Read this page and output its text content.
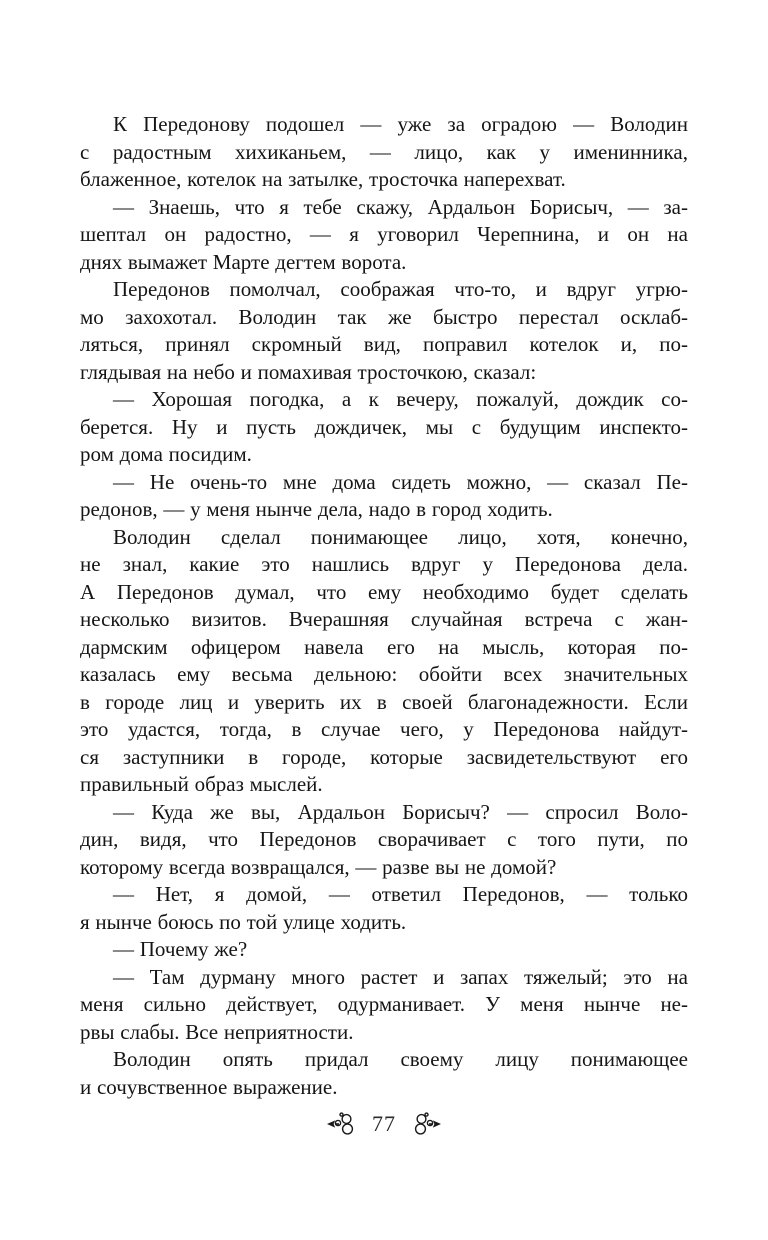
К Передонову подошел — уже за оградою — Володин
с радостным хихиканьем, — лицо, как у именинника,
блаженное, котелок на затылке, тросточка наперехват.
— Знаешь, что я тебе скажу, Ардальон Борисыч, — за-
шептал он радостно, — я уговорил Черепнина, и он на
днях вымажет Марте дегтем ворота.
Передонов помолчал, соображая что-то, и вдруг угрю-
мо захохотал. Володин так же быстро перестал осклаб-
ляться, принял скромный вид, поправил котелок и, по-
глядывая на небо и помахивая тросточкою, сказал:
— Хорошая погодка, а к вечеру, пожалуй, дождик со-
берется. Ну и пусть дождичек, мы с будущим инспекто-
ром дома посидим.
— Не очень-то мне дома сидеть можно, — сказал Пе-
редонов, — у меня нынче дела, надо в город ходить.
Володин сделал понимающее лицо, хотя, конечно,
не знал, какие это нашлись вдруг у Передонова дела.
А Передонов думал, что ему необходимо будет сделать
несколько визитов. Вчерашняя случайная встреча с жан-
дармским офицером навела его на мысль, которая по-
казалась ему весьма дельною: обойти всех значительных
в городе лиц и уверить их в своей благонадежности. Если
это удастся, тогда, в случае чего, у Передонова найдут-
ся заступники в городе, которые засвидетельствуют его
правильный образ мыслей.
— Куда же вы, Ардальон Борисыч? — спросил Воло-
дин, видя, что Передонов сворачивает с того пути, по
которому всегда возвращался, — разве вы не домой?
— Нет, я домой, — ответил Передонов, — только
я нынче боюсь по той улице ходить.
— Почему же?
— Там дурману много растет и запах тяжелый; это на
меня сильно действует, одурманивает. У меня нынче не-
рвы слабы. Все неприятности.
Володин опять придал своему лицу понимающее
и сочувственное выражение.
77
